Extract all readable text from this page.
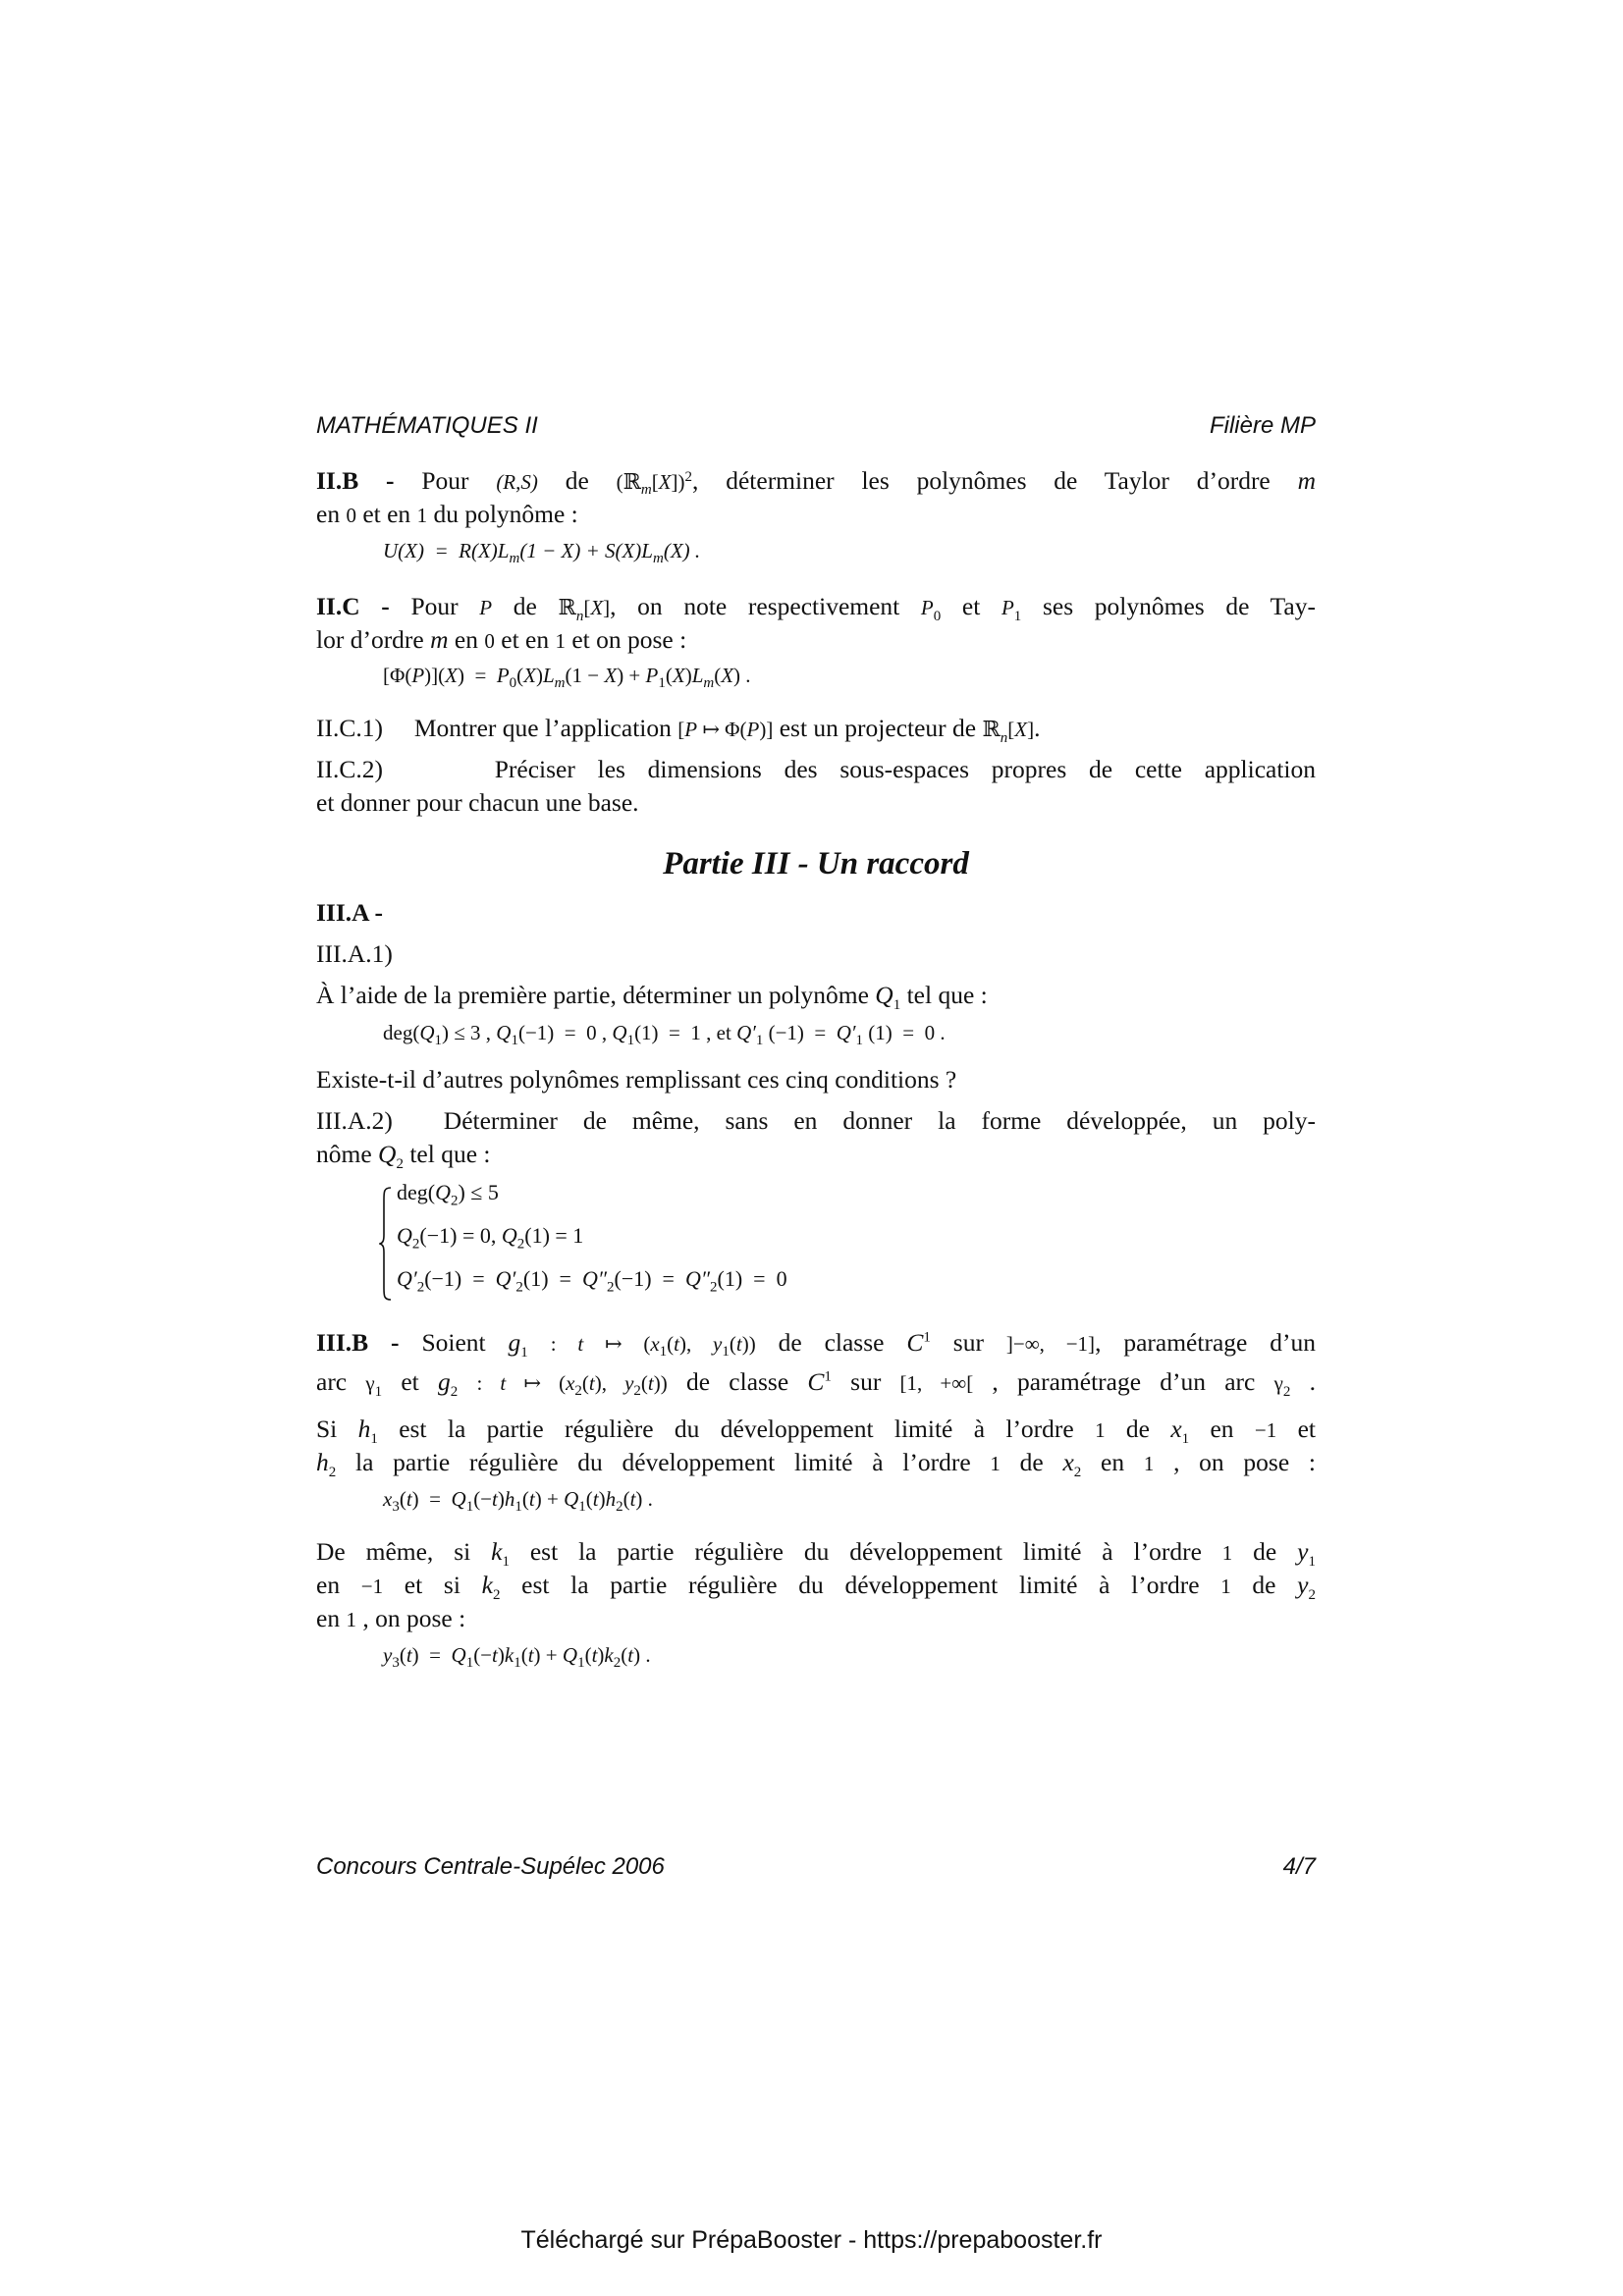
MATHÉMATIQUES II	Filière MP
II.B - Pour (R,S) de (ℝ$_m$[X])$^2$, déterminer les polynômes de Taylor d’ordre m
en 0 et en 1 du polynôme :
$U(X) = R(X)L_m(1 - X) + S(X)L_m(X)$ .
II.C - Pour P de ℝ$_n$[X], on note respectivement $P_0$ et $P_1$ ses polynômes de Tay-
lor d’ordre m en 0 et en 1 et on pose :
$[\Phi(P)](X) = P_0(X)L_m(1 - X) + P_1(X)L_m(X)$ .
II.C.1)     Montrer que l’application [P ↦ Φ(P)] est un projecteur de ℝ$_n$[X].
II.C.2)	Préciser les dimensions des sous-espaces propres de cette application
et donner pour chacun une base.
Partie III - Un raccord
III.A -
III.A.1)
À l’aide de la première partie, déterminer un polynôme $Q_1$ tel que :
$deg(Q_1) \le 3$ , $Q_1(-1) = 0$ , $Q_1(1) = 1$ , et $Q'_1$ $(-1) = Q'_1$ (1)  =  0 .
Existe-t-il d’autres polynômes remplissant ces cinq conditions ?
III.A.2) Déterminer de même, sans en donner la forme développée, un poly-
nôme $Q_2$ tel que :
$deg(Q_2) \le 5$
$Q_2(-1) = 0$, $Q_2(1) = 1$
$Q'_2(-1) = Q'_2(1) = Q''_2(-1) = Q''_2(1) = 0$
III.B - Soient $g_1$ : t ↦ ($x_1(t)$, $y_1(t)$) de classe $C^1$ sur ]−∞, −1], paramétrage d’un
arc $\gamma_1$ et $g_2$ : t ↦ ($x_2(t)$, $y_2(t)$) de classe $C^1$ sur [1, +∞[ , paramétrage d’un arc $\gamma_2$ .
Si $h_1$ est la partie régulière du développement limité à l’ordre 1 de $x_1$ en −1 et
$h_2$ la partie régulière du développement limité à l’ordre 1 de $x_2$ en 1 , on pose :
$x_3(t) = Q_1(-t)h_1(t) + Q_1(t)h_2(t)$ .
De même, si $k_1$ est la partie régulière du développement limité à l’ordre 1 de $y_1$
en −1 et si $k_2$ est la partie régulière du développement limité à l’ordre 1 de $y_2$
en 1 , on pose :
$y_3(t) = Q_1(-t)k_1(t) + Q_1(t)k_2(t)$ .
Concours Centrale-Supélec 2006	4/7
Téléchargé sur PrépaBooster - https://prepabooster.fr
